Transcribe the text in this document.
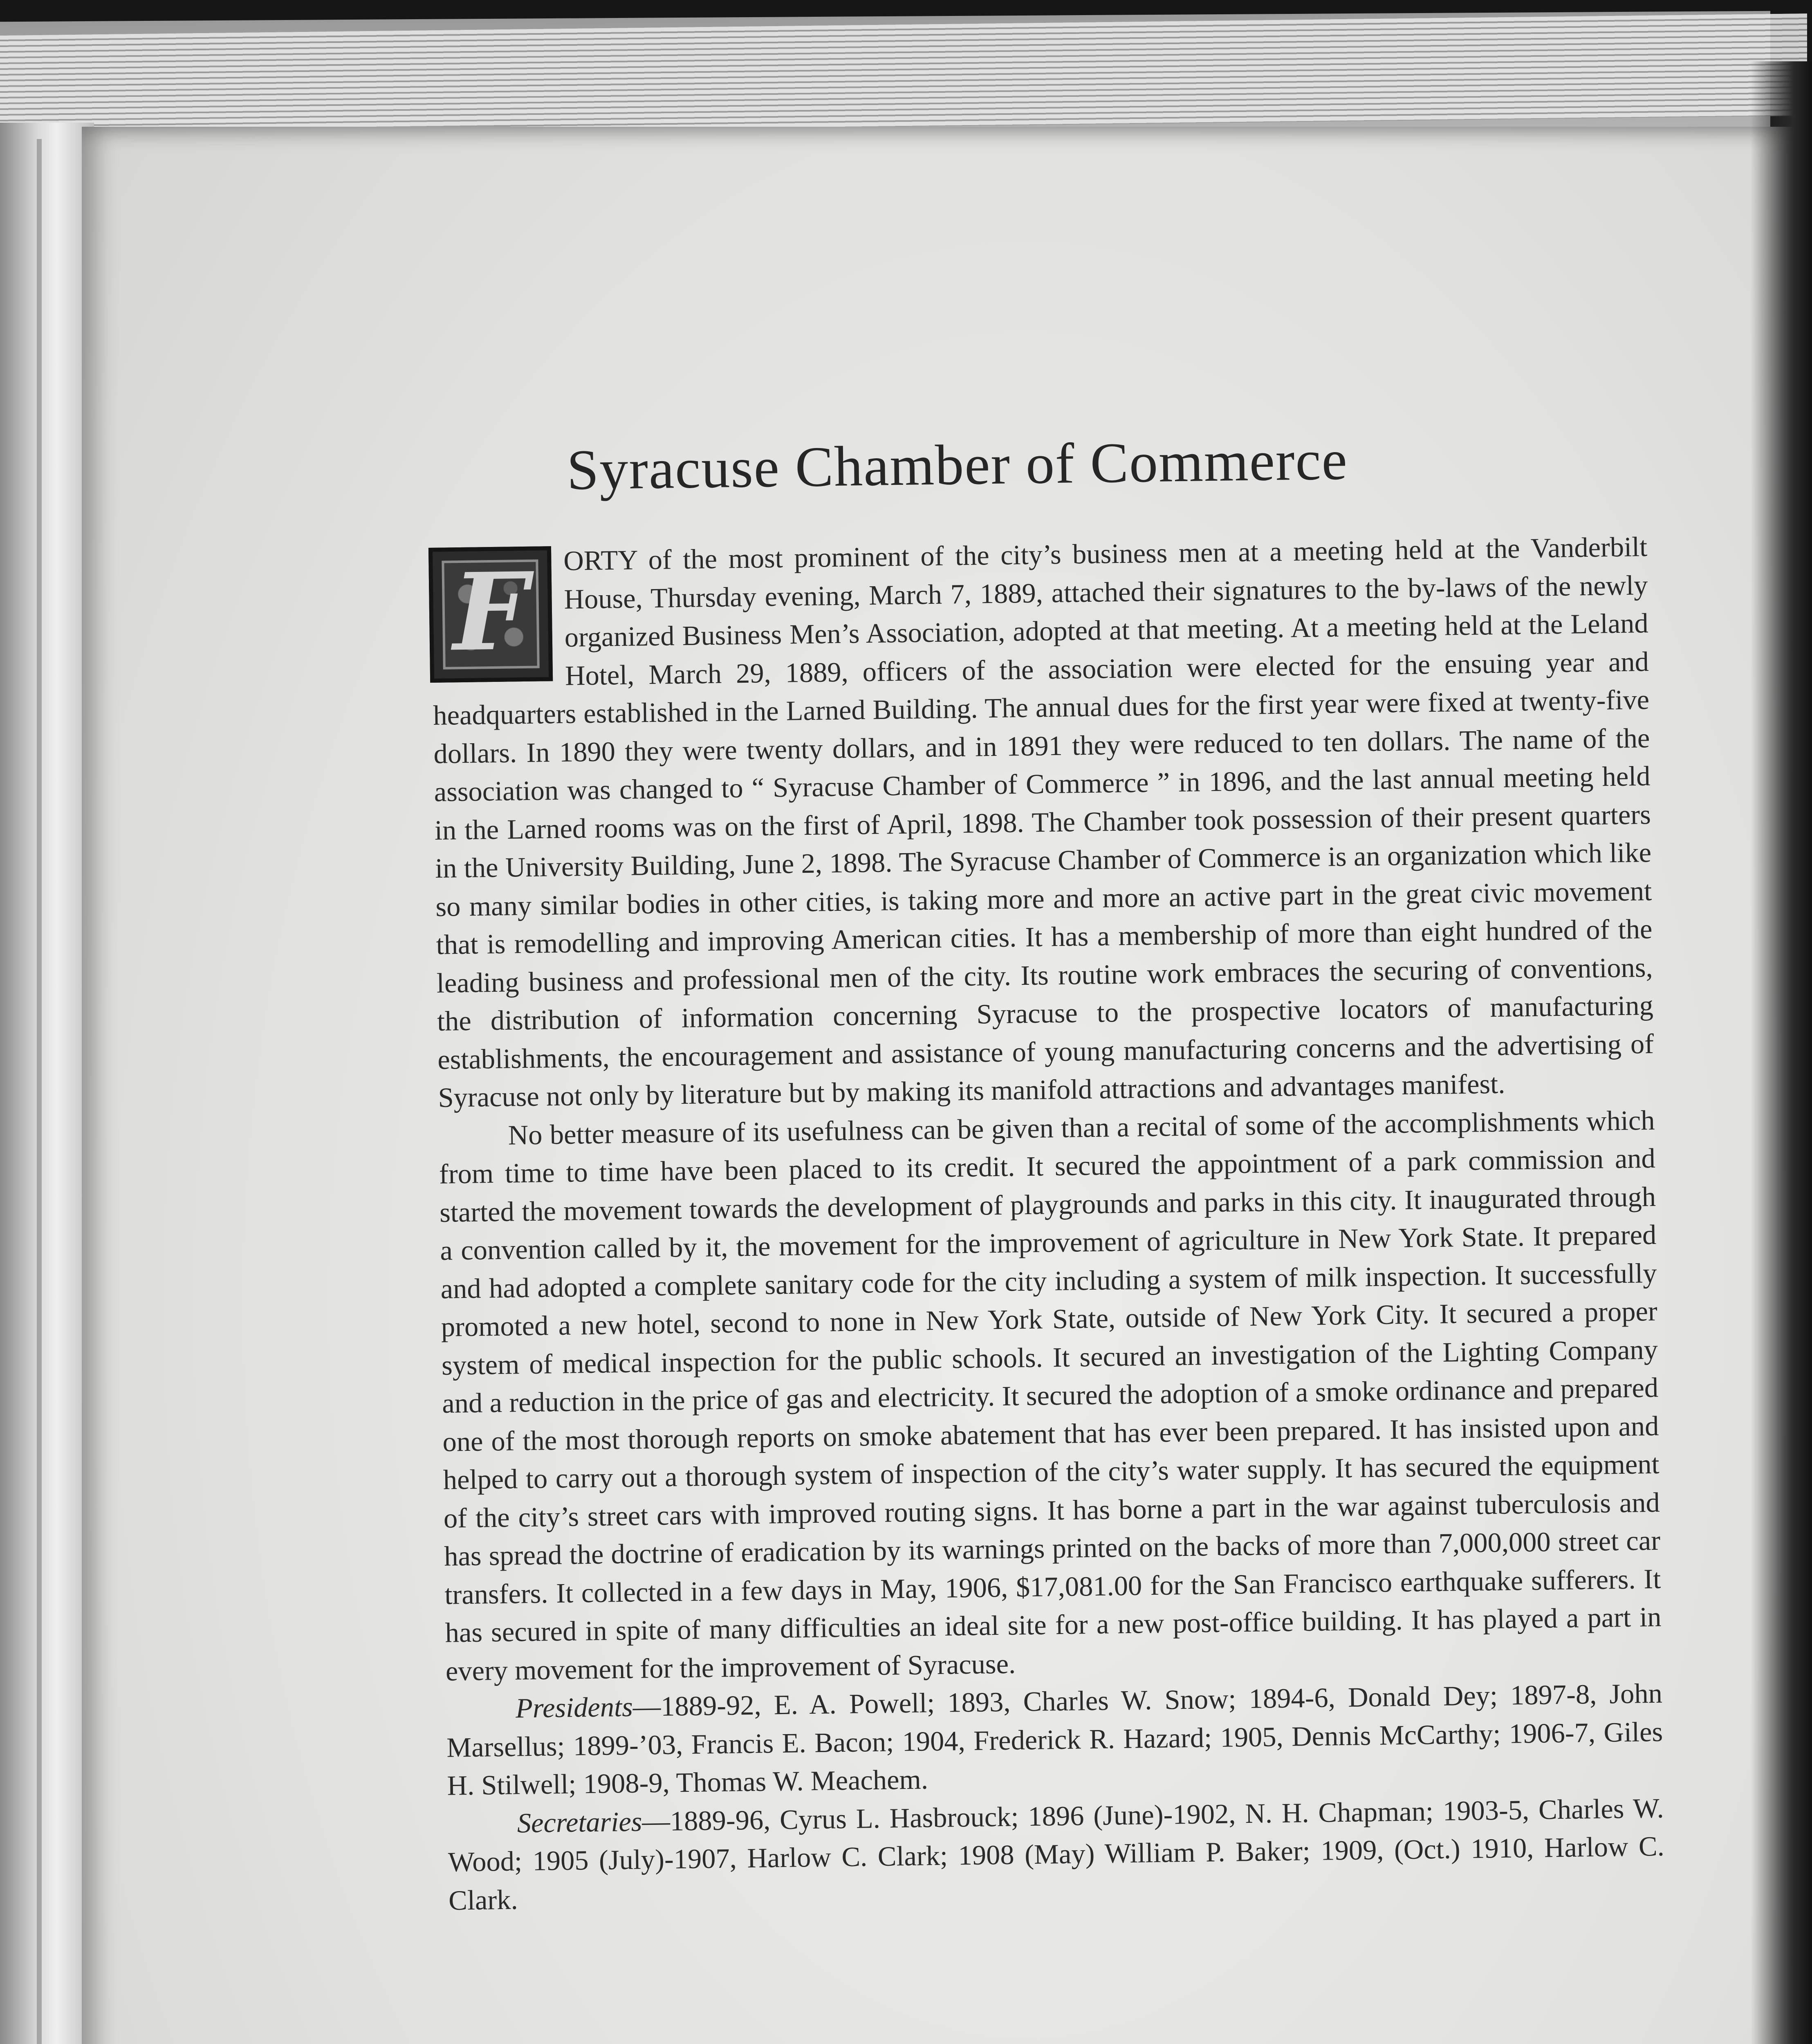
Syracuse Chamber of Commerce
F	ORTY of the most prominent of the city’s business men at a meeting held at the Vanderbilt House, Thursday evening, March 7, 1889, attached their signatures to the by-laws of the newly organized Business Men’s Association, adopted at that meeting. At a meeting held at the Leland Hotel, March 29, 1889, officers of the association were elected for the ensuing year and headquarters established in the Larned Building. The annual dues for the first year were fixed at twenty-five dollars. In 1890 they were twenty dollars, and in 1891 they were reduced to ten dollars. The name of the association was changed to “ Syracuse Chamber of Commerce ” in 1896, and the last annual meeting held in the Larned rooms was on the first of April, 1898. The Chamber took possession of their present quarters in the University Building, June 2, 1898. The Syracuse Chamber of Commerce is an organization which like so many similar bodies in other cities, is taking more and more an active part in the great civic movement that is remodelling and improving American cities. It has a membership of more than eight hundred of the leading business and professional men of the city. Its routine work embraces the securing of conventions, the distribution of information concerning Syracuse to the prospective locators of manufacturing establishments, the encouragement and assistance of young manufacturing concerns and the advertising of Syracuse not only by literature but by making its manifold attractions and advantages manifest.

No better measure of its usefulness can be given than a recital of some of the accomplishments which from time to time have been placed to its credit. It secured the appointment of a park commission and started the movement towards the development of playgrounds and parks in this city. It inaugurated through a convention called by it, the movement for the improvement of agriculture in New York State. It prepared and had adopted a complete sanitary code for the city including a system of milk inspection. It successfully promoted a new hotel, second to none in New York State, outside of New York City. It secured a proper system of medical inspection for the public schools. It secured an investigation of the Lighting Company and a reduction in the price of gas and electricity. It secured the adoption of a smoke ordinance and prepared one of the most thorough reports on smoke abatement that has ever been prepared. It has insisted upon and helped to carry out a thorough system of inspection of the city’s water supply. It has secured the equipment of the city’s street cars with improved routing signs. It has borne a part in the war against tuberculosis and has spread the doctrine of eradication by its warnings printed on the backs of more than 7,000,000 street car transfers. It collected in a few days in May, 1906, $17,081.00 for the San Francisco earthquake sufferers. It has secured in spite of many difficulties an ideal site for a new post-office building. It has played a part in every movement for the improvement of Syracuse.

Presidents—1889-92, E. A. Powell; 1893, Charles W. Snow; 1894-6, Donald Dey; 1897-8, John Marsellus; 1899-’03, Francis E. Bacon; 1904, Frederick R. Hazard; 1905, Dennis McCarthy; 1906-7, Giles H. Stilwell; 1908-9, Thomas W. Meachem.

Secretaries—1889-96, Cyrus L. Hasbrouck; 1896 (June)-1902, N. H. Chapman; 1903-5, Charles W. Wood; 1905 (July)-1907, Harlow C. Clark; 1908 (May) William P. Baker; 1909, (Oct.) 1910, Harlow C. Clark.
